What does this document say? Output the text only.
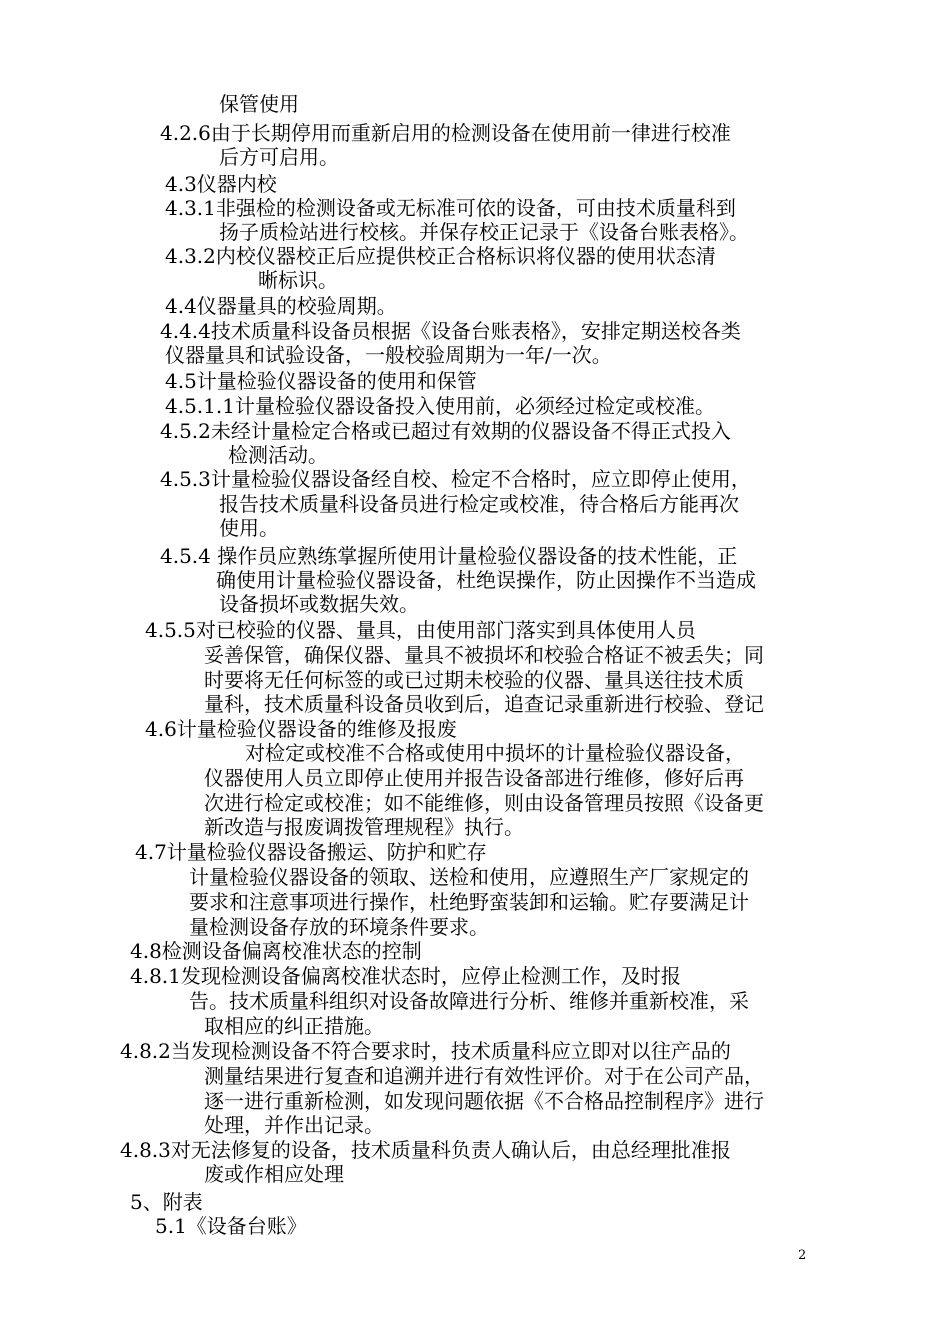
保管使用
4.2.6由于长期停用而重新启用的检测设备在使用前一律进行校准
后方可启用。
4.3仪器内校
4.3.1非强检的检测设备或无标准可依的设备，可由技术质量科到
扬子质检站进行校核。并保存校正记录于《设备台账表格》。
4.3.2内校仪器校正后应提供校正合格标识将仪器的使用状态清
晰标识。
4.4仪器量具的校验周期。
4.4.4技术质量科设备员根据《设备台账表格》，安排定期送校各类
仪器量具和试验设备，一般校验周期为一年/一次。
4.5计量检验仪器设备的使用和保管
4.5.1.1计量检验仪器设备投入使用前，必须经过检定或校准。
4.5.2未经计量检定合格或已超过有效期的仪器设备不得正式投入
检测活动。
4.5.3计量检验仪器设备经自校、检定不合格时，应立即停止使用，
报告技术质量科设备员进行检定或校准，待合格后方能再次
使用。
4.5.4 操作员应熟练掌握所使用计量检验仪器设备的技术性能，正
确使用计量检验仪器设备，杜绝误操作，防止因操作不当造成
设备损坏或数据失效。
4.5.5对已校验的仪器、量具，由使用部门落实到具体使用人员
妥善保管，确保仪器、量具不被损坏和校验合格证不被丢失；同
时要将无任何标签的或已过期未校验的仪器、量具送往技术质
量科，技术质量科设备员收到后，追查记录重新进行校验、登记
4.6计量检验仪器设备的维修及报废
对检定或校准不合格或使用中损坏的计量检验仪器设备，
仪器使用人员立即停止使用并报告设备部进行维修，修好后再
次进行检定或校准；如不能维修，则由设备管理员按照《设备更
新改造与报废调拨管理规程》执行。
4.7计量检验仪器设备搬运、防护和贮存
计量检验仪器设备的领取、送检和使用，应遵照生产厂家规定的
要求和注意事项进行操作，杜绝野蛮装卸和运输。贮存要满足计
量检测设备存放的环境条件要求。
4.8检测设备偏离校准状态的控制
4.8.1发现检测设备偏离校准状态时，应停止检测工作，及时报
告。技术质量科组织对设备故障进行分析、维修并重新校准，采
取相应的纠正措施。
4.8.2当发现检测设备不符合要求时，技术质量科应立即对以往产品的
测量结果进行复查和追溯并进行有效性评价。对于在公司产品，
逐一进行重新检测，如发现问题依据《不合格品控制程序》进行
处理，并作出记录。
4.8.3对无法修复的设备，技术质量科负责人确认后，由总经理批准报
废或作相应处理
5、附表
5.1《设备台账》
2
